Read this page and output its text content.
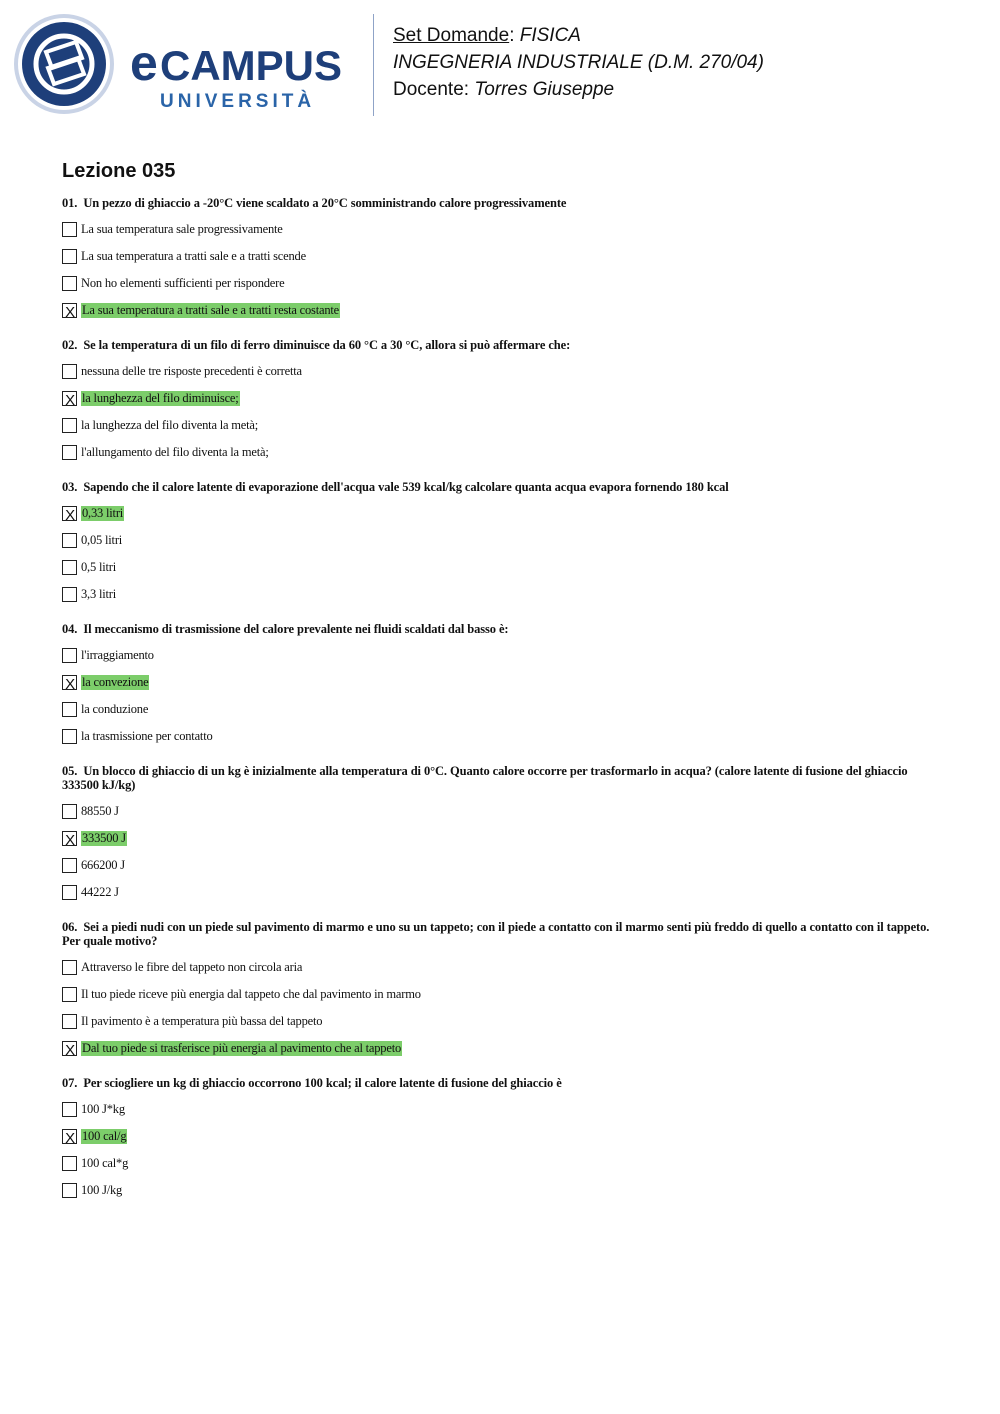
e CAMPUS
UNIVERSITÀ
Set Domande: FISICA
INGEGNERIA INDUSTRIALE (D.M. 270/04)
Docente: Torres Giuseppe
Lezione 035
01. Un pezzo di ghiaccio a -20°C viene scaldato a 20°C somministrando calore progressivamente
La sua temperatura sale progressivamente
La sua temperatura a tratti sale e a tratti scende
Non ho elementi sufficienti per rispondere
X La sua temperatura a tratti sale e a tratti resta costante
02. Se la temperatura di un filo di ferro diminuisce da 60 °C a 30 °C, allora si può affermare che:
nessuna delle tre risposte precedenti è corretta
X la lunghezza del filo diminuisce;
la lunghezza del filo diventa la metà;
l'allungamento del filo diventa la metà;
03. Sapendo che il calore latente di evaporazione dell'acqua vale 539 kcal/kg calcolare quanta acqua evapora fornendo 180 kcal
X 0,33 litri
0,05 litri
0,5 litri
3,3 litri
04. Il meccanismo di trasmissione del calore prevalente nei fluidi scaldati dal basso è:
l'irraggiamento
X la convezione
la conduzione
la trasmissione per contatto
05. Un blocco di ghiaccio di un kg è inizialmente alla temperatura di 0°C. Quanto calore occorre per trasformarlo in acqua? (calore latente di fusione del ghiaccio 333500 kJ/kg)
88550 J
X 333500 J
666200 J
44222 J
06. Sei a piedi nudi con un piede sul pavimento di marmo e uno su un tappeto; con il piede a contatto con il marmo senti più freddo di quello a contatto con il tappeto. Per quale motivo?
Attraverso le fibre del tappeto non circola aria
Il tuo piede riceve più energia dal tappeto che dal pavimento in marmo
Il pavimento è a temperatura più bassa del tappeto
X Dal tuo piede si trasferisce più energia al pavimento che al tappeto
07. Per sciogliere un kg di ghiaccio occorrono 100 kcal; il calore latente di fusione del ghiaccio è
100 J*kg
X 100 cal/g
100 cal*g
100 J/kg
